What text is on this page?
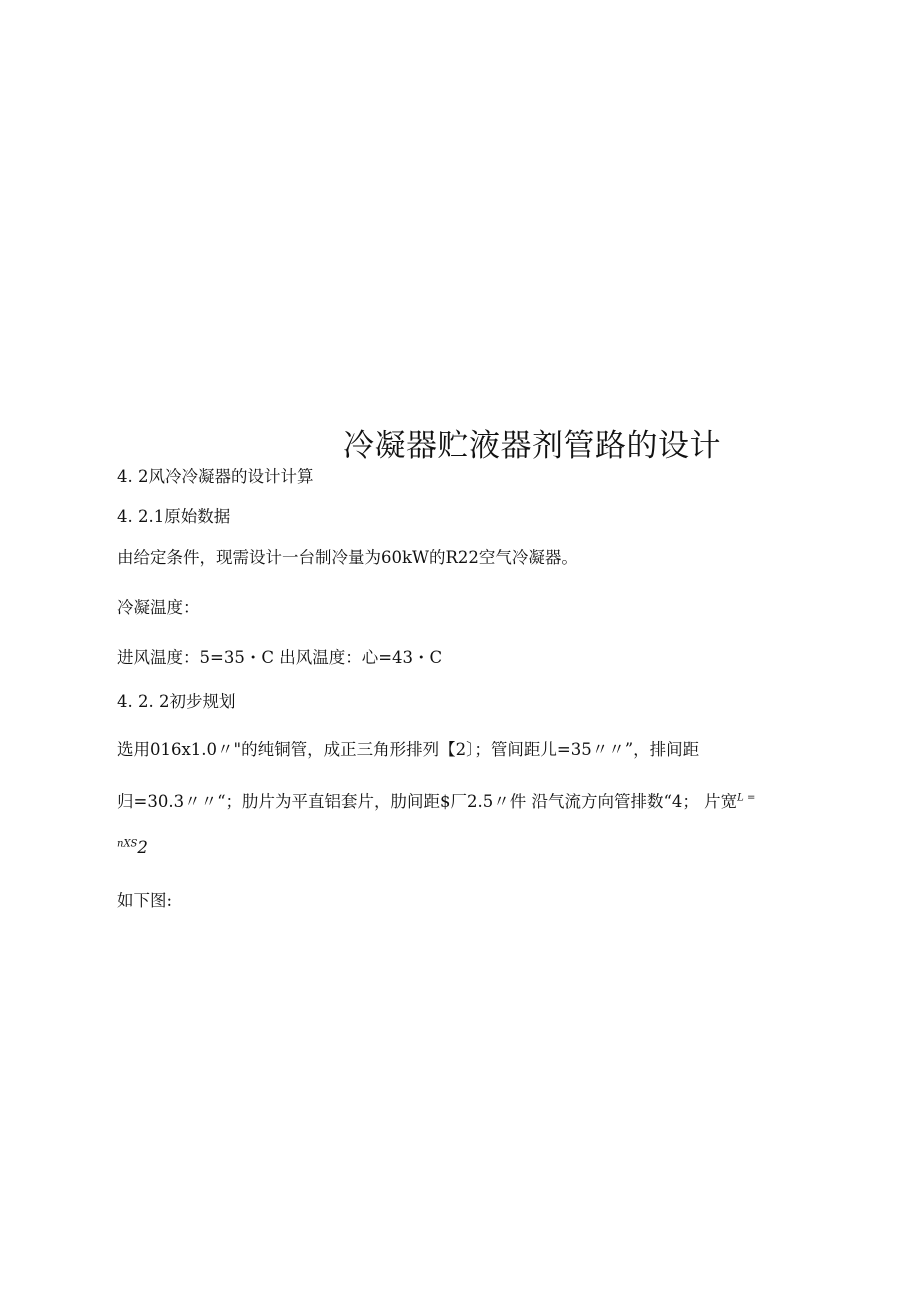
冷凝器贮液器剂管路的设计
4. 2风冷冷凝器的设计计算
4. 2.1原始数据
由给定条件，现需设计一台制冷量为60kW的R22空气冷凝器。
冷凝温度：
进风温度：5=35・C 出风温度：心=43・C
4. 2. 2初步规划
选用016x1.0〃"的纯铜管，成正三角形排列【2〕；管间距儿=35〃〃”，排间距
归=30.3〃〃“；肋片为平直铝套片，肋间距$厂2.5〃件 沿气流方向管排数“4； 片宽$^{L =}$
$^{nXS}$2
如下图:
